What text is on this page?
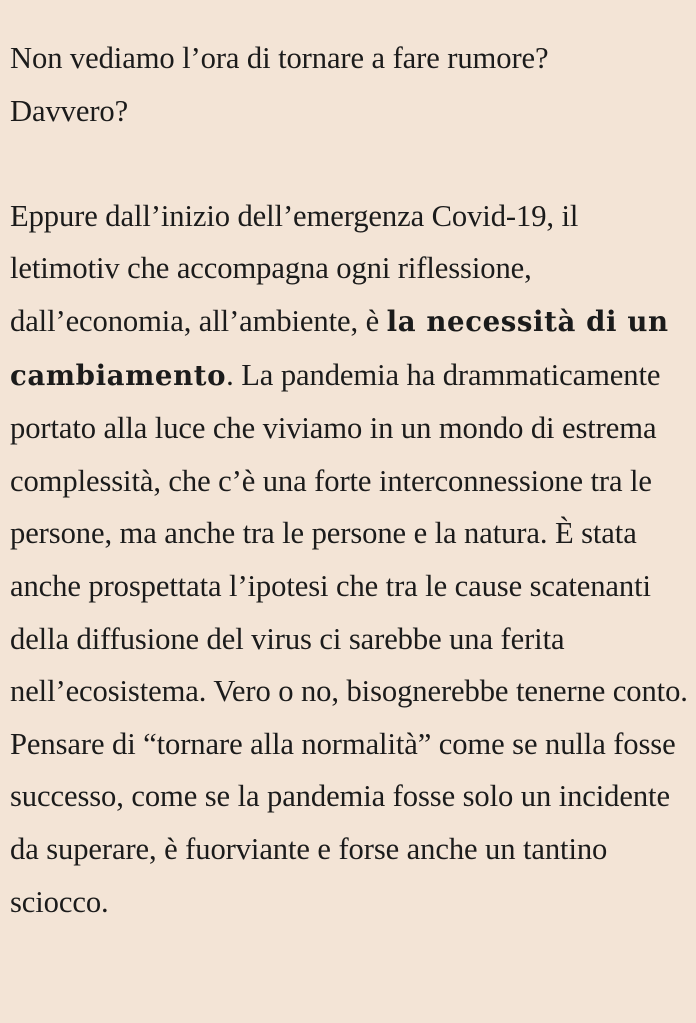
Non vediamo l’ora di tornare a fare rumore?
Davvero?

Eppure dall’inizio dell’emergenza Covid-19, il letimotiv che accompagna ogni riflessione, dall’economia, all’ambiente, è la necessità di un cambiamento. La pandemia ha drammaticamente portato alla luce che viviamo in un mondo di estrema complessità, che c’è una forte interconnessione tra le persone, ma anche tra le persone e la natura. È stata anche prospettata l’ipotesi che tra le cause scatenanti della diffusione del virus ci sarebbe una ferita nell’ecosistema. Vero o no, bisognerebbe tenerne conto. Pensare di “tornare alla normalità” come se nulla fosse successo, come se la pandemia fosse solo un incidente da superare, è fuorviante e forse anche un tantino sciocco.
